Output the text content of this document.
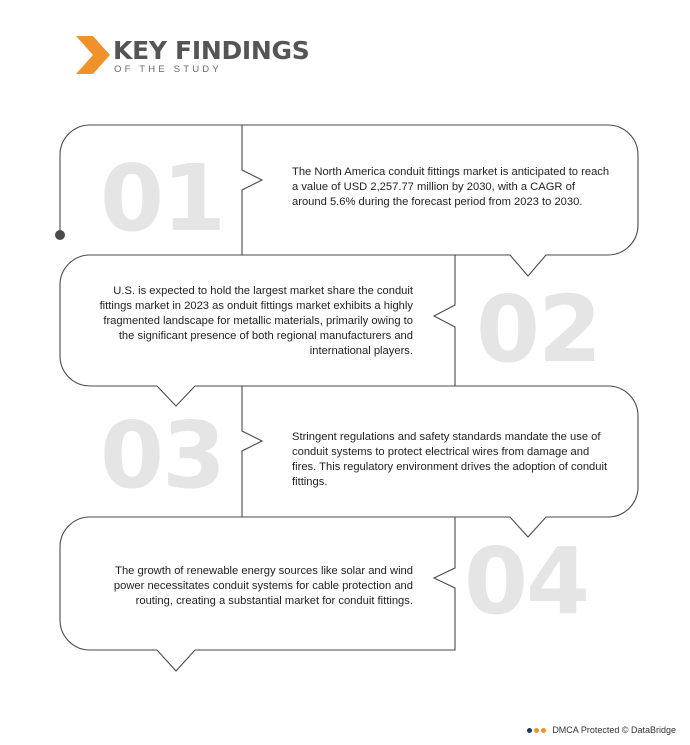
KEY FINDINGS
OF THE STUDY
01	The North America conduit fittings market is anticipated to reach a value of USD 2,257.77 million by 2030, with a CAGR of around 5.6% during the forecast period from 2023 to 2030.
02
U.S. is expected to hold the largest market share the conduit fittings market in 2023 as onduit fittings market exhibits a highly fragmented landscape for metallic materials, primarily owing to the significant presence of both regional manufacturers and international players.
03	Stringent regulations and safety standards mandate the use of conduit systems to protect electrical wires from damage and fires. This regulatory environment drives the adoption of conduit fittings.
04
The growth of renewable energy sources like solar and wind power necessitates conduit systems for cable protection and routing, creating a substantial market for conduit fittings.
DMCA Protected © DataBridge
